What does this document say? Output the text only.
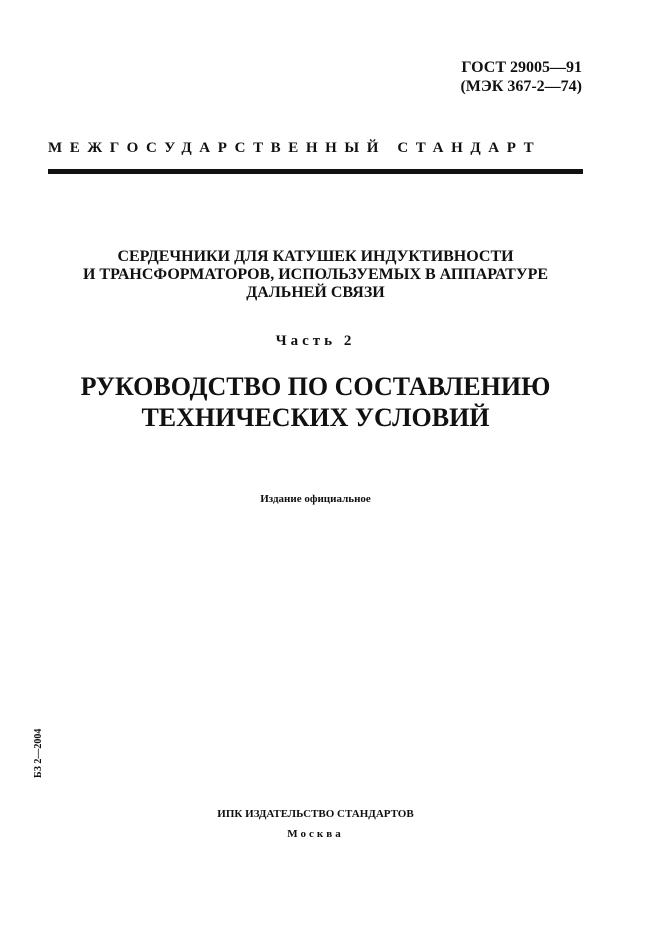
ГОСТ 29005—91
(МЭК 367-2—74)
МЕЖГОСУДАРСТВЕННЫЙ СТАНДАРТ
СЕРДЕЧНИКИ ДЛЯ КАТУШЕК ИНДУКТИВНОСТИ
И ТРАНСФОРМАТОРОВ, ИСПОЛЬЗУЕМЫХ В АППАРАТУРЕ
ДАЛЬНЕЙ СВЯЗИ
Часть 2
РУКОВОДСТВО ПО СОСТАВЛЕНИЮ
ТЕХНИЧЕСКИХ УСЛОВИЙ
Издание официальное
БЗ 2—2004
ИПК ИЗДАТЕЛЬСТВО СТАНДАРТОВ
Москва
